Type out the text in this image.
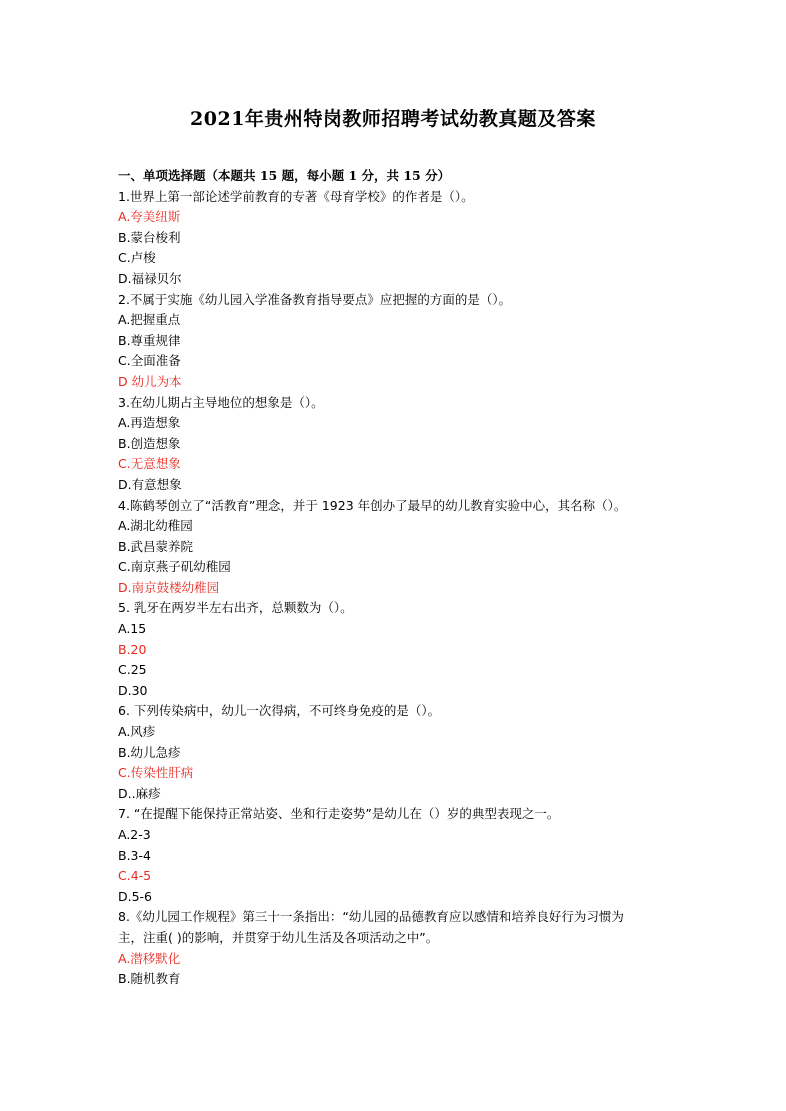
2021年贵州特岗教师招聘考试幼教真题及答案
一、单项选择题（本题共 15 题，每小题 1 分，共 15 分）
1.世界上第一部论述学前教育的专著《母育学校》的作者是（）。
A.夸美纽斯
B.蒙台梭利
C.卢梭
D.福禄贝尔
2.不属于实施《幼儿园入学准备教育指导要点》应把握的方面的是（）。
A.把握重点
B.尊重规律
C.全面准备
D 幼儿为本
3.在幼儿期占主导地位的想象是（）。
A.再造想象
B.创造想象
C.无意想象
D.有意想象
4.陈鹤琴创立了“活教育”理念，并于 1923 年创办了最早的幼儿教育实验中心，其名称（）。
A.湖北幼稚园
B.武昌蒙养院
C.南京燕子矶幼稚园
D.南京鼓楼幼稚园
5. 乳牙在两岁半左右出齐，总颗数为（）。
A.15
B.20
C.25
D.30
6. 下列传染病中，幼儿一次得病，不可终身免疫的是（）。
A.风疹
B.幼儿急疹
C.传染性肝病
D..麻疹
7. “在提醒下能保持正常站姿、坐和行走姿势”是幼儿在（）岁的典型表现之一。
A.2-3
B.3-4
C.4-5
D.5-6
8.《幼儿园工作规程》第三十一条指出：“幼儿园的品德教育应以感情和培养良好行为习惯为主，注重( )的影响，并贯穿于幼儿生活及各项活动之中”。
A.潜移默化
B.随机教育
